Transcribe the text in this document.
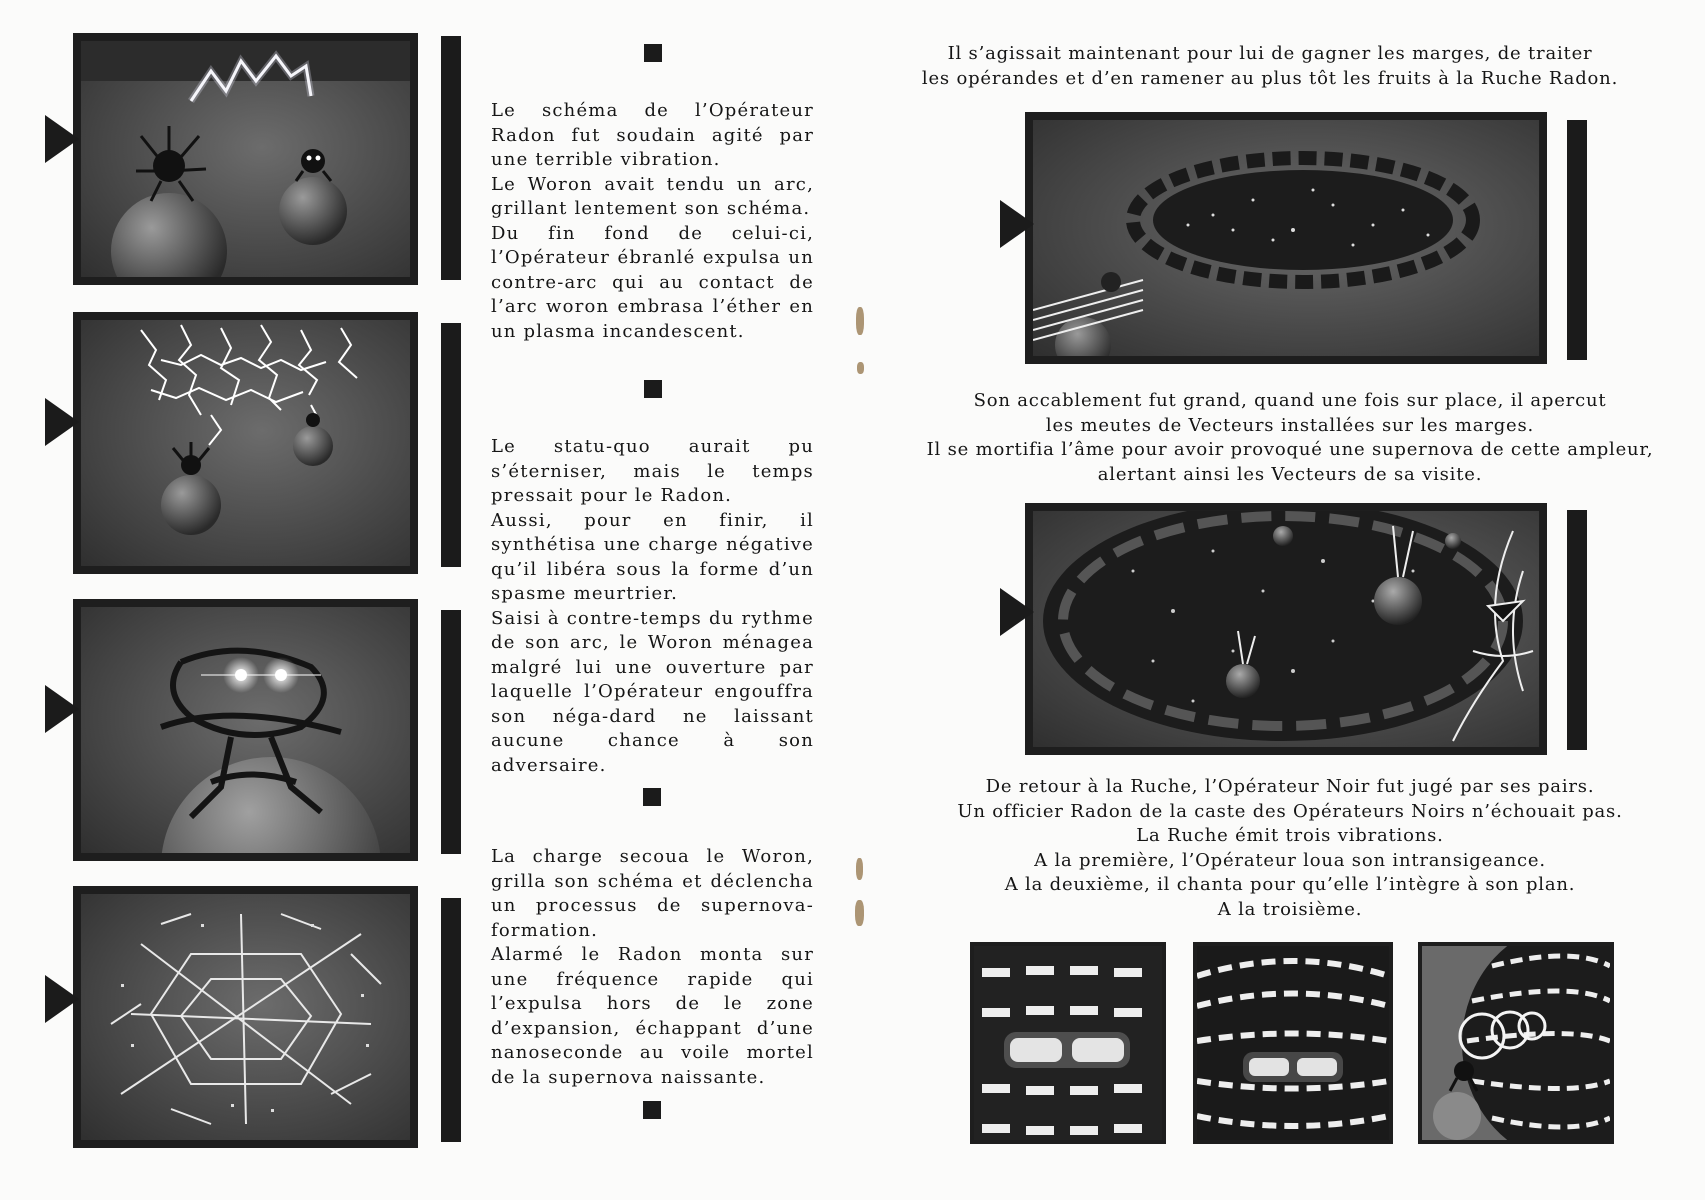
Le schéma de l’Opérateur Radon fut soudain agité par une terrible vibration.
Le Woron avait tendu un arc, grillant lentement son schéma.
Du fin fond de celui-ci, l’Opérateur ébranlé expulsa un contre-arc qui au contact de l’arc woron embrasa l’éther en un plasma incandescent.
Le statu-quo aurait pu s’éterniser, mais le temps pressait pour le Radon.
Aussi, pour en finir, il synthétisa une charge négative qu’il libéra sous la forme d’un spasme meurtrier.
Saisi à contre-temps du rythme de son arc, le Woron ménagea malgré lui une ouverture par laquelle l’Opérateur engouffra son néga-dard ne laissant aucune chance à son adversaire.
La charge secoua le Woron, grilla son schéma et déclencha un processus de supernova-formation.
Alarmé le Radon monta sur une fréquence rapide qui l’expulsa hors de le zone d’expansion, échappant d’une nanoseconde au voile mortel de la supernova naissante.
Il s’agissait maintenant pour lui de gagner les marges, de traiter
les opérandes et d’en ramener au plus tôt les fruits à la Ruche Radon.
Son accablement fut grand, quand une fois sur place, il apercut
les meutes de Vecteurs installées sur les marges.
Il se mortifia l’âme pour avoir provoqué une supernova de cette ampleur,
alertant ainsi les Vecteurs de sa visite.
De retour à la Ruche, l’Opérateur Noir fut jugé par ses pairs.
Un officier Radon de la caste des Opérateurs Noirs n’échouait pas.
La Ruche émit trois vibrations.
A la première, l’Opérateur loua son intransigeance.
A la deuxième, il chanta pour qu’elle l’intègre à son plan.
A la troisième.
